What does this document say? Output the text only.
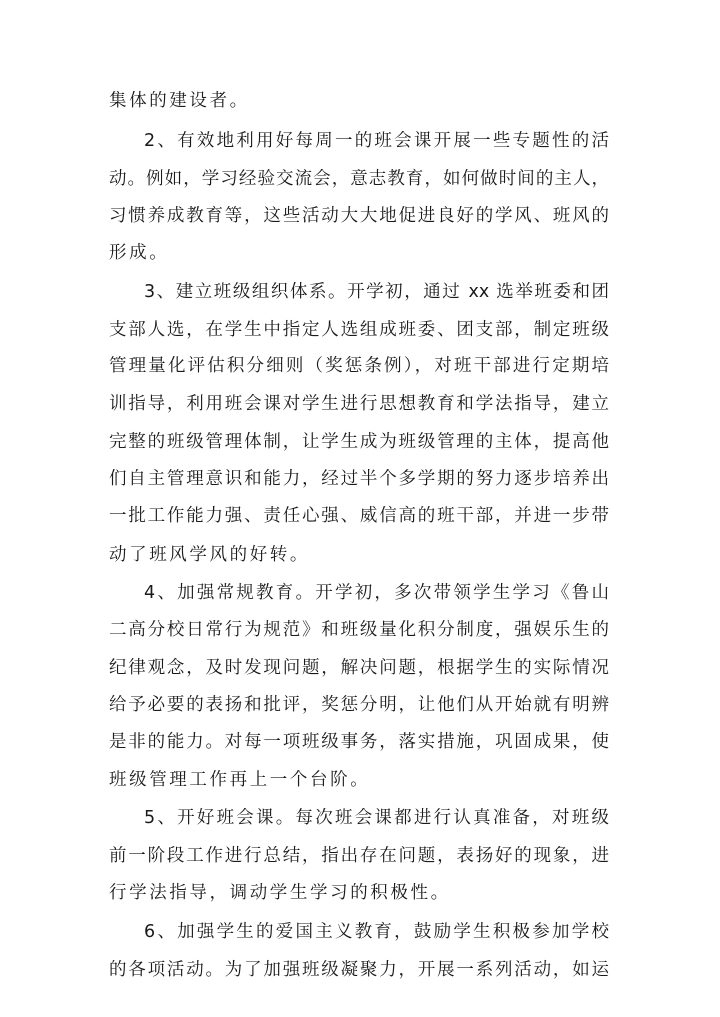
集体的建设者。
2、有效地利用好每周一的班会课开展一些专题性的活
动。例如，学习经验交流会，意志教育，如何做时间的主人，
习惯养成教育等，这些活动大大地促进良好的学风、班风的
形成。
3、建立班级组织体系。开学初，通过 xx 选举班委和团
支部人选，在学生中指定人选组成班委、团支部，制定班级
管理量化评估积分细则（奖惩条例），对班干部进行定期培
训指导，利用班会课对学生进行思想教育和学法指导，建立
完整的班级管理体制，让学生成为班级管理的主体，提高他
们自主管理意识和能力，经过半个多学期的努力逐步培养出
一批工作能力强、责任心强、威信高的班干部，并进一步带
动了班风学风的好转。
4、加强常规教育。开学初，多次带领学生学习《鲁山
二高分校日常行为规范》和班级量化积分制度，强娱乐生的
纪律观念，及时发现问题，解决问题，根据学生的实际情况
给予必要的表扬和批评，奖惩分明，让他们从开始就有明辨
是非的能力。对每一项班级事务，落实措施，巩固成果，使
班级管理工作再上一个台阶。
5、开好班会课。每次班会课都进行认真准备，对班级
前一阶段工作进行总结，指出存在问题，表扬好的现象，进
行学法指导，调动学生学习的积极性。
6、加强学生的爱国主义教育，鼓励学生积极参加学校
的各项活动。为了加强班级凝聚力，开展一系列活动，如运
